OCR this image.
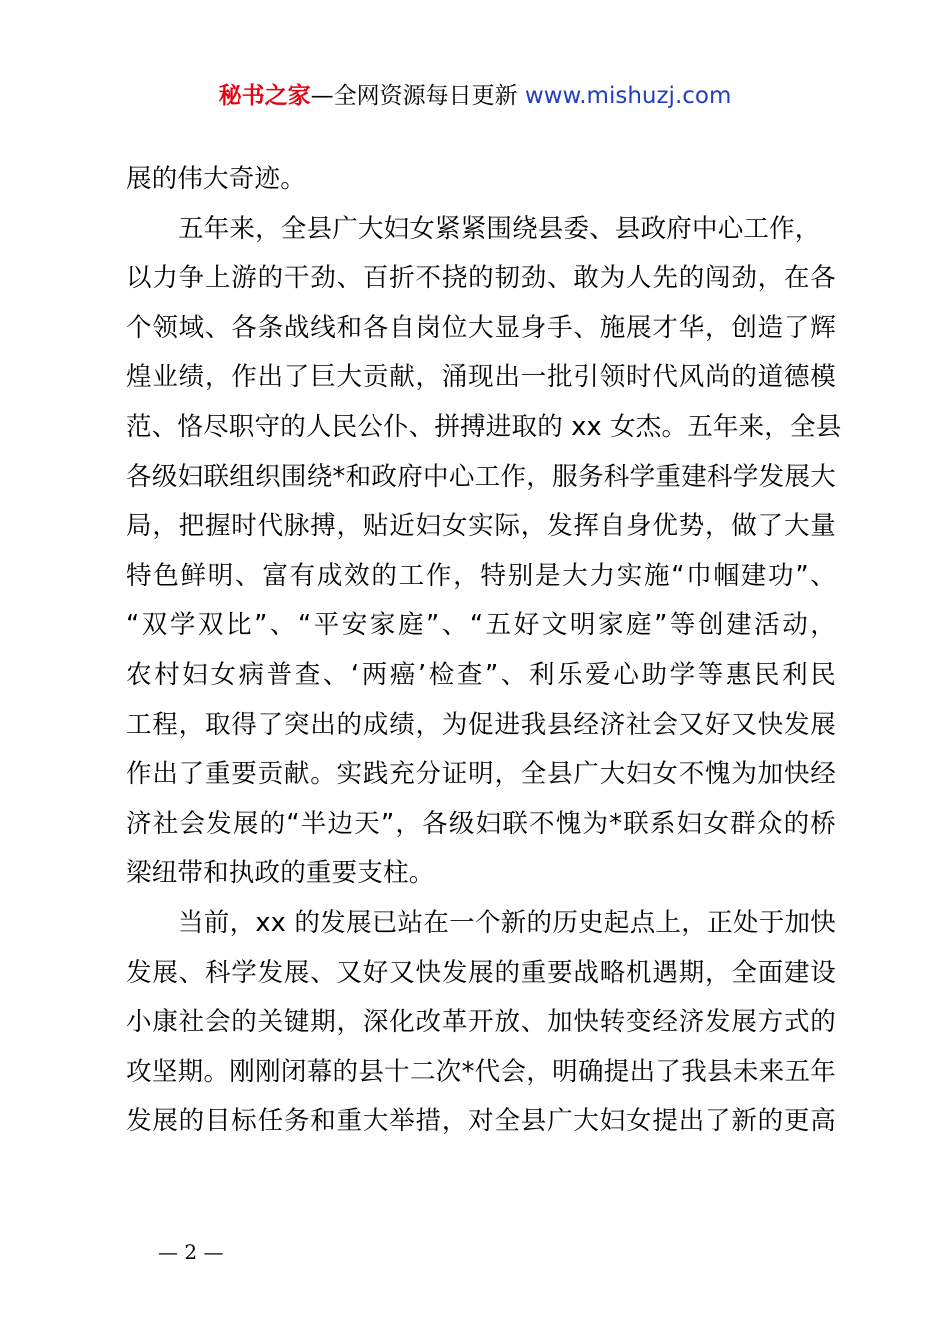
秘书之家—全网资源每日更新 www.mishuzj.com
展的伟大奇迹。
五年来，全县广大妇女紧紧围绕县委、县政府中心工作，
以力争上游的干劲、百折不挠的韧劲、敢为人先的闯劲，在各
个领域、各条战线和各自岗位大显身手、施展才华，创造了辉
煌业绩，作出了巨大贡献，涌现出一批引领时代风尚的道德模
范、恪尽职守的人民公仆、拼搏进取的 xx 女杰。五年来，全县
各级妇联组织围绕*和政府中心工作，服务科学重建科学发展大
局，把握时代脉搏，贴近妇女实际，发挥自身优势，做了大量
特色鲜明、富有成效的工作，特别是大力实施“巾帼建功”、
“双学双比”、“平安家庭”、“五好文明家庭”等创建活动，
农村妇女病普查、‘两癌’检查”、利乐爱心助学等惠民利民
工程，取得了突出的成绩，为促进我县经济社会又好又快发展
作出了重要贡献。实践充分证明，全县广大妇女不愧为加快经
济社会发展的“半边天”，各级妇联不愧为*联系妇女群众的桥
梁纽带和执政的重要支柱。
当前，xx 的发展已站在一个新的历史起点上，正处于加快
发展、科学发展、又好又快发展的重要战略机遇期，全面建设
小康社会的关键期，深化改革开放、加快转变经济发展方式的
攻坚期。刚刚闭幕的县十二次*代会，明确提出了我县未来五年
发展的目标任务和重大举措，对全县广大妇女提出了新的更高
— 2 —
